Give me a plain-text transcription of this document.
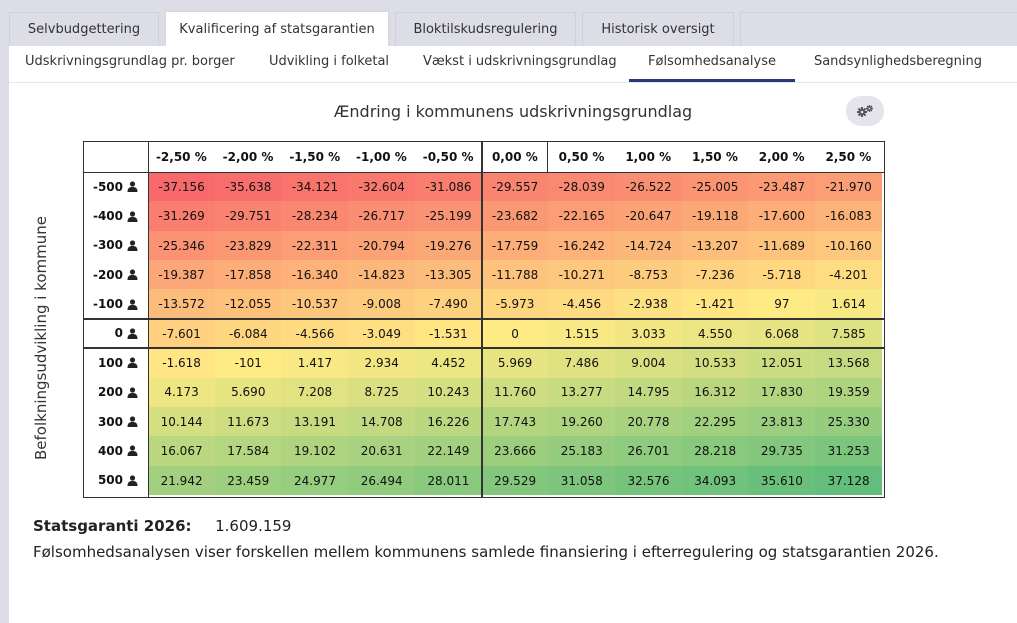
Selvbudgettering	Kvalificering af statsgarantien	Bloktilskudsregulering	Historisk oversigt
Udskrivningsgrundlag pr. borger	Udvikling i folketal	Vækst i udskrivningsgrundlag	Følsomhedsanalyse	Sandsynlighedsberegning
Ændring i kommunens udskrivningsgrundlag
Befolkningsudvikling i kommune
-2,50 %	-2,00 %	-1,50 %	-1,00 %	-0,50 %	0,00 %	0,50 %	1,00 %	1,50 %	2,00 %	2,50 %
-500	-37.156	-35.638	-34.121	-32.604	-31.086	-29.557	-28.039	-26.522	-25.005	-23.487	-21.970
-400	-31.269	-29.751	-28.234	-26.717	-25.199	-23.682	-22.165	-20.647	-19.118	-17.600	-16.083
-300	-25.346	-23.829	-22.311	-20.794	-19.276	-17.759	-16.242	-14.724	-13.207	-11.689	-10.160
-200	-19.387	-17.858	-16.340	-14.823	-13.305	-11.788	-10.271	-8.753	-7.236	-5.718	-4.201
-100	-13.572	-12.055	-10.537	-9.008	-7.490	-5.973	-4.456	-2.938	-1.421	97	1.614
0	-7.601	-6.084	-4.566	-3.049	-1.531	0	1.515	3.033	4.550	6.068	7.585
100	-1.618	-101	1.417	2.934	4.452	5.969	7.486	9.004	10.533	12.051	13.568
200	4.173	5.690	7.208	8.725	10.243	11.760	13.277	14.795	16.312	17.830	19.359
300	10.144	11.673	13.191	14.708	16.226	17.743	19.260	20.778	22.295	23.813	25.330
400	16.067	17.584	19.102	20.631	22.149	23.666	25.183	26.701	28.218	29.735	31.253
500	21.942	23.459	24.977	26.494	28.011	29.529	31.058	32.576	34.093	35.610	37.128
Statsgaranti 2026: 1.609.159
Følsomhedsanalysen viser forskellen mellem kommunens samlede finansiering i efterregulering og statsgarantien 2026.
